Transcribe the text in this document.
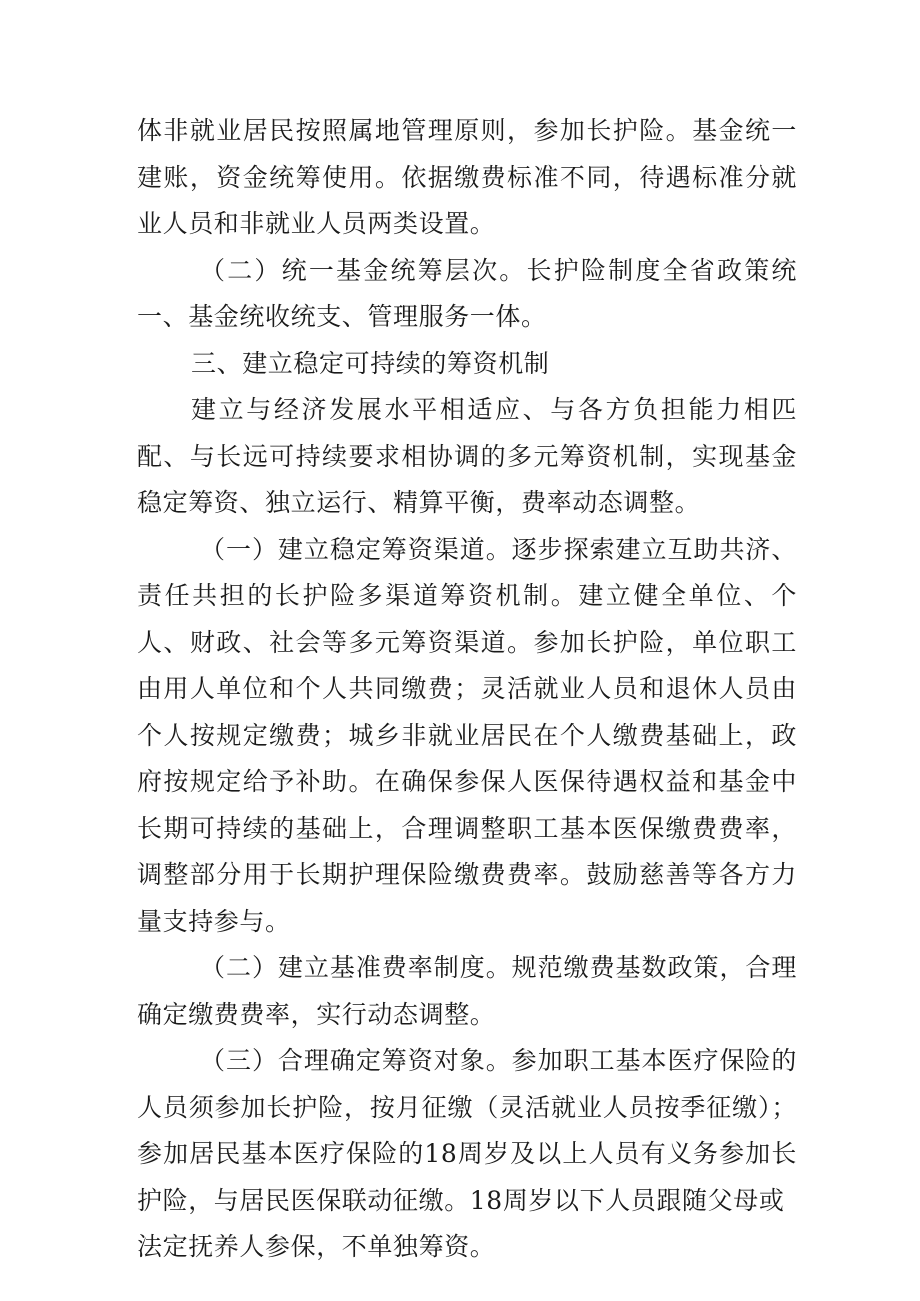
体非就业居民按照属地管理原则，参加长护险。基金统一建账，资金统筹使用。依据缴费标准不同，待遇标准分就业人员和非就业人员两类设置。

（二）统一基金统筹层次。长护险制度全省政策统一、基金统收统支、管理服务一体。

三、建立稳定可持续的筹资机制

建立与经济发展水平相适应、与各方负担能力相匹配、与长远可持续要求相协调的多元筹资机制，实现基金稳定筹资、独立运行、精算平衡，费率动态调整。

（一）建立稳定筹资渠道。逐步探索建立互助共济、责任共担的长护险多渠道筹资机制。建立健全单位、个人、财政、社会等多元筹资渠道。参加长护险，单位职工由用人单位和个人共同缴费；灵活就业人员和退休人员由个人按规定缴费；城乡非就业居民在个人缴费基础上，政府按规定给予补助。在确保参保人医保待遇权益和基金中长期可持续的基础上，合理调整职工基本医保缴费费率，调整部分用于长期护理保险缴费费率。鼓励慈善等各方力量支持参与。

（二）建立基准费率制度。规范缴费基数政策，合理确定缴费费率，实行动态调整。

（三）合理确定筹资对象。参加职工基本医疗保险的人员须参加长护险，按月征缴（灵活就业人员按季征缴）；参加居民基本医疗保险的18周岁及以上人员有义务参加长护险，与居民医保联动征缴。18周岁以下人员跟随父母或

法定抚养人参保，不单独筹资。
